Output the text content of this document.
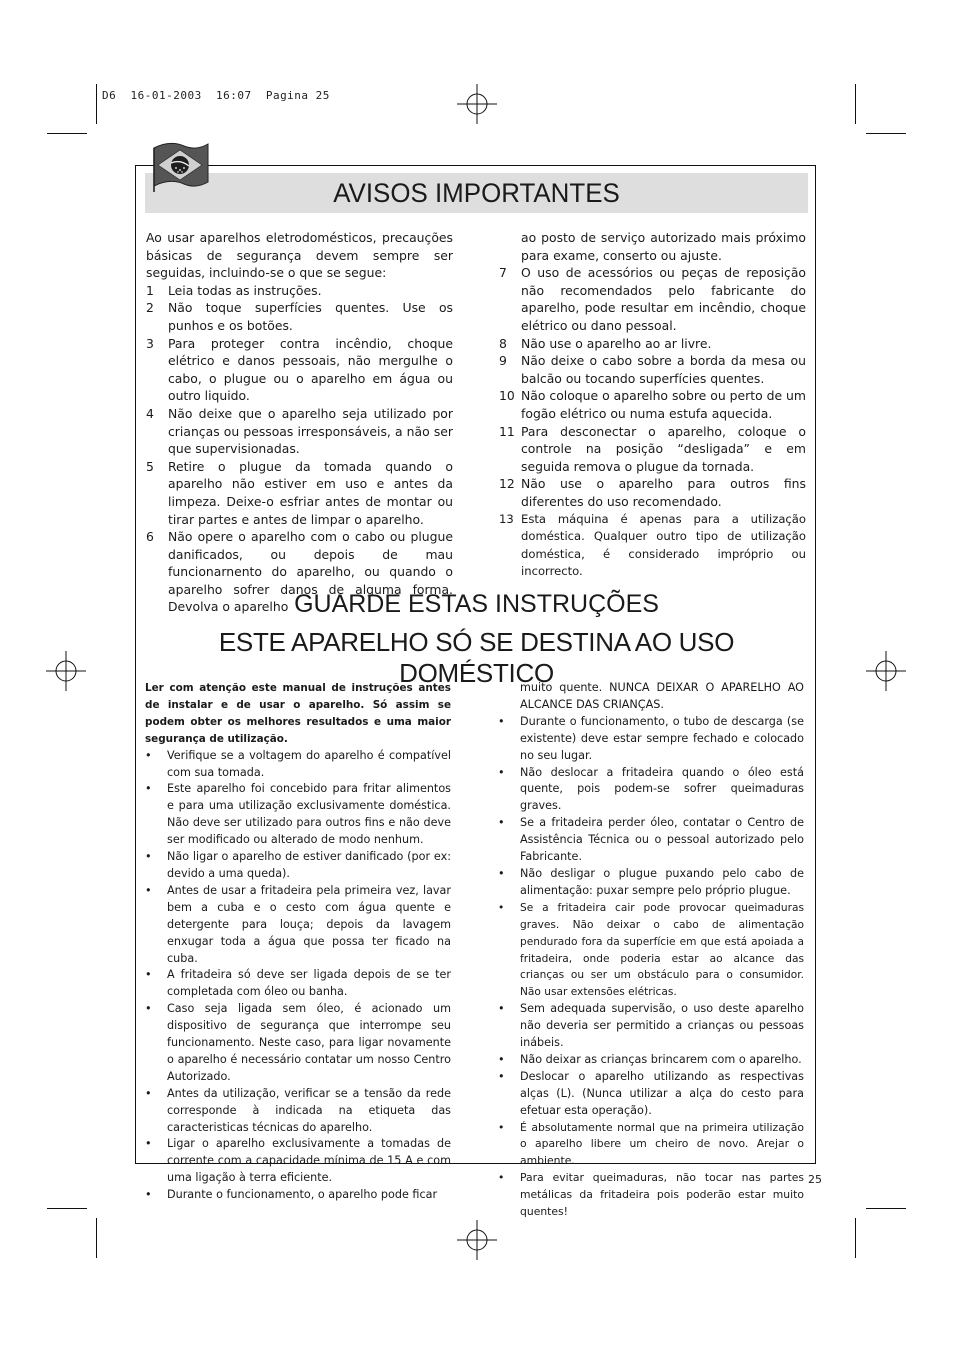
D6  16-01-2003  16:07  Pagina 25
AVISOS IMPORTANTES

Ao usar aparelhos eletrodomésticos, precauções básicas de segurança devem sempre ser seguidas, incluindo-se o que se segue:

1	Leia todas as instruções.
2	Não toque superfícies quentes. Use os punhos e os botões.
3	Para proteger contra incêndio, choque elétrico e danos pessoais, não mergulhe o cabo, o plugue ou o aparelho em água ou outro liquido.
4	Não deixe que o aparelho seja utilizado por crianças ou pessoas irresponsáveis, a não ser que supervisionadas.
5	Retire o plugue da tomada quando o aparelho não estiver em uso e antes da limpeza. Deixe-o esfriar antes de montar ou tirar partes e antes de limpar o aparelho.
6	Não opere o aparelho com o cabo ou plugue danificados, ou depois de mau funcionarnento do aparelho, ou quando o aparelho sofrer danos de alguma forma. Devolva o aparelho

ao posto de serviço autorizado mais próximo para exame, conserto ou ajuste.

7	O uso de acessórios ou peças de reposição não recomendados pelo fabricante do aparelho, pode resultar em incêndio, choque elétrico ou dano pessoal.
8	Não use o aparelho ao ar livre.
9	Não deixe o cabo sobre a borda da mesa ou balcão ou tocando superfícies quentes.
10 Não coloque o aparelho sobre ou perto de um fogão elétrico ou numa estufa aquecida.
11 Para desconectar o aparelho, coloque o controle na posição “desligada” e em seguida remova o plugue da tornada.
12 Não use o aparelho para outros fins diferentes do uso recomendado.
13 Esta máquina é apenas para a utilização doméstica. Qualquer outro tipo de utilização doméstica, é considerado impróprio ou incorrecto.
GUARDE ESTAS INSTRUÇÕES
ESTE APARELHO SÓ SE DESTINA AO USO DOMÉSTICO

Ler com atenção este manual de instruções antes de instalar e de usar o aparelho. Só assim se podem obter os melhores resultados e uma maior segurança de utilização.

• Verifique se a voltagem do aparelho é compatível com sua tomada.
• Este aparelho foi concebido para fritar alimentos e para uma utilização exclusivamente doméstica. Não deve ser utilizado para outros fins e não deve ser modificado ou alterado de modo nenhum.
• Não ligar o aparelho de estiver danificado (por ex: devido a uma queda).
• Antes de usar a fritadeira pela primeira vez, lavar bem a cuba e o cesto com água quente e detergente para louça; depois da lavagem enxugar toda a água que possa ter ficado na cuba.
• A fritadeira só deve ser ligada depois de se ter completada com óleo ou banha.
• Caso seja ligada sem óleo, é acionado um dispositivo de segurança que interrompe seu funcionamento. Neste caso, para ligar novamente o aparelho é necessário contatar um nosso Centro Autorizado.
• Antes da utilização, verificar se a tensão da rede corresponde à indicada na etiqueta das caracteristicas técnicas do aparelho.
• Ligar o aparelho exclusivamente a tomadas de corrente com a capacidade mínima de 15 A e com uma ligação à terra eficiente.
• Durante o funcionamento, o aparelho pode ficar

muito quente. NUNCA DEIXAR O APARELHO AO ALCANCE DAS CRIANÇAS.

• Durante o funcionamento, o tubo de descarga (se existente) deve estar sempre fechado e colocado no seu lugar.
• Não deslocar a fritadeira quando o óleo está quente, pois podem-se sofrer queimaduras graves.
• Se a fritadeira perder óleo, contatar o Centro de Assistência Técnica ou o pessoal autorizado pelo Fabricante.
• Não desligar o plugue puxando pelo cabo de alimentação: puxar sempre pelo próprio plugue.
• Se a fritadeira cair pode provocar queimaduras graves. Não deixar o cabo de alimentação pendurado fora da superfície em que está apoiada a fritadeira, onde poderia estar ao alcance das crianças ou ser um obstáculo para o consumidor. Não usar extensões elétricas.
• Sem adequada supervisão, o uso deste aparelho não deveria ser permitido a crianças ou pessoas inábeis.
• Não deixar as crianças brincarem com o aparelho.
• Deslocar o aparelho utilizando as respectivas alças (L). (Nunca utilizar a alça do cesto para efetuar esta operação).
• É absolutamente normal que na primeira utilização o aparelho libere um cheiro de novo. Arejar o ambiente.
• Para evitar queimaduras, não tocar nas partes metálicas da fritadeira pois poderão estar muito quentes!
25
